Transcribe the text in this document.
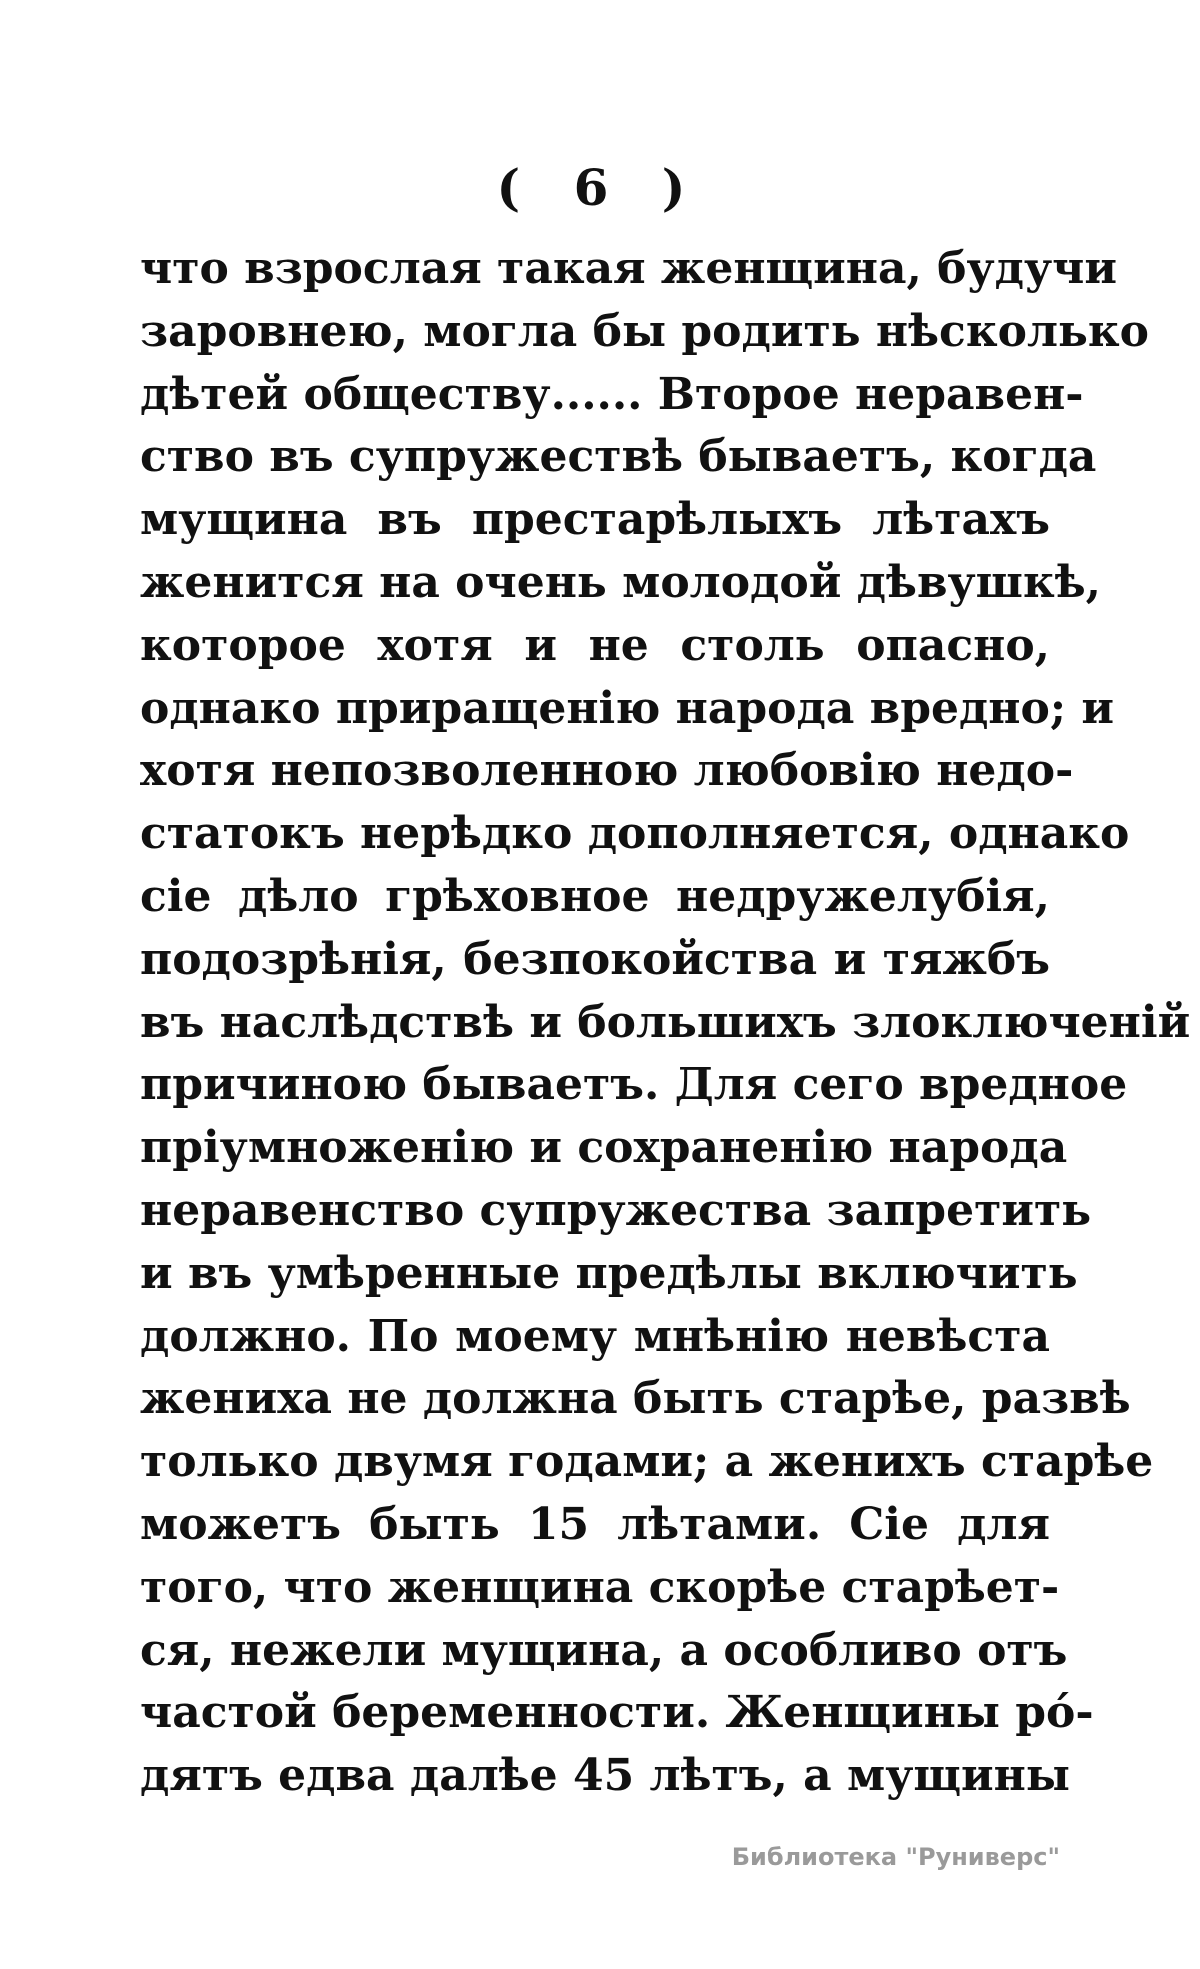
( 6 )
что взрослая такая женщина, будучи
заровнею, могла бы родить нѣсколько
дѣтей обществу...... Второе неравен-
ство въ супружествѣ бываетъ, когда
мущина въ престарѣлыхъ лѣтахъ
женится на очень молодой дѣвушкѣ,
которое хотя и не столь опасно,
однако приращенію народа вредно; и
хотя непозволенною любовію недо-
статокъ нерѣдко дополняется, однако
сіе дѣло грѣховное недружелубія,
подозрѣнія, безпокойства и тяжбъ
въ наслѣдствѣ и большихъ злоключеній
причиною бываетъ. Для сего вредное
пріумноженію и сохраненію народа
неравенство супружества запретить
и въ умѣренные предѣлы включить
должно. По моему мнѣнію невѣста
жениха не должна быть старѣе, развѣ
только двумя годами; а женихъ старѣе
можетъ быть 15 лѣтами. Сіе для
того, что женщина скорѣе старѣет-
ся, нежели мущина, а особливо отъ
частой беременности. Женщины ро́-
дятъ едва далѣе 45 лѣтъ, а мущины
Библиотека "Руниверс"
